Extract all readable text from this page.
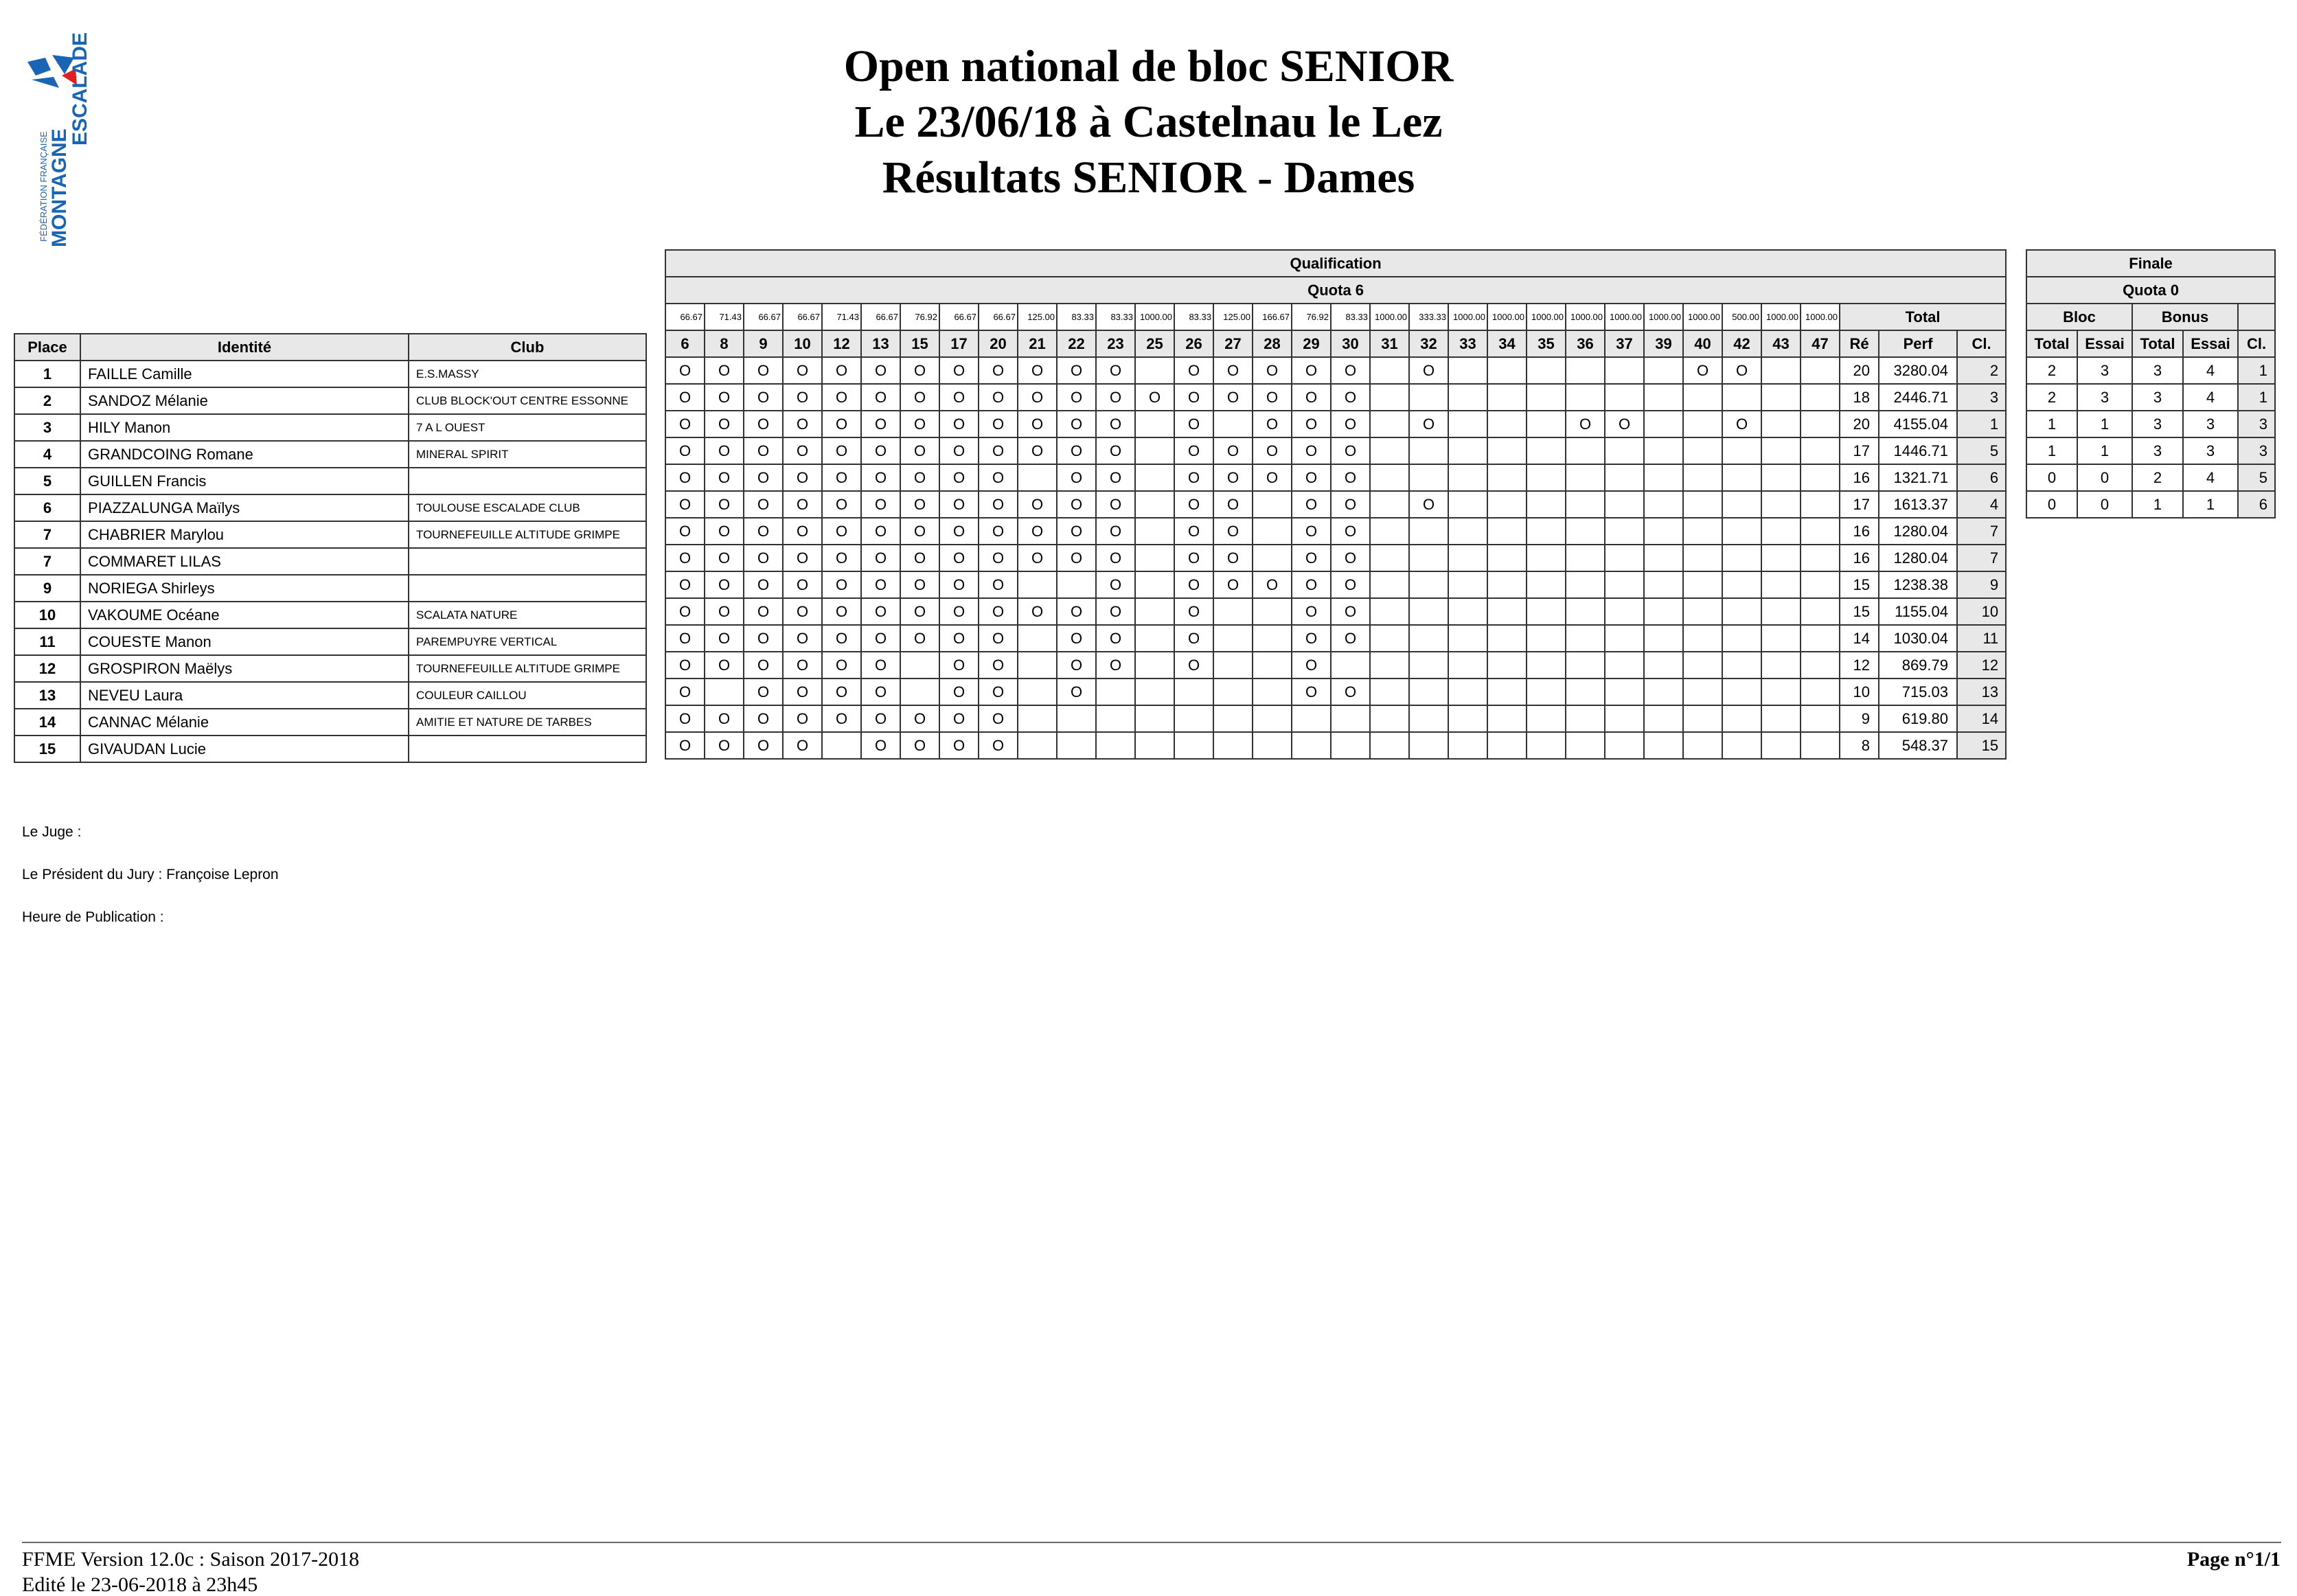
FÉDÉRATION FRANÇAISE MONTAGNE
ESCALADE	Open national de bloc SENIOR
Le 23/06/18 à Castelnau le Lez
Résultats SENIOR - Dames
Place	Identité	Club
1	FAILLE Camille	E.S.MASSY
2	SANDOZ Mélanie	CLUB BLOCK'OUT CENTRE ESSONNE
3	HILY Manon	7 A L OUEST
4	GRANDCOING Romane	MINERAL SPIRIT
5	GUILLEN Francis	
6	PIAZZALUNGA Maïlys	TOULOUSE ESCALADE CLUB
7	CHABRIER Marylou	TOURNEFEUILLE ALTITUDE GRIMPE
7	COMMARET LILAS	
9	NORIEGA Shirleys	
10	VAKOUME Océane	SCALATA NATURE
11	COUESTE Manon	PAREMPUYRE VERTICAL
12	GROSPIRON Maëlys	TOURNEFEUILLE ALTITUDE GRIMPE
13	NEVEU Laura	COULEUR CAILLOU
14	CANNAC Mélanie	AMITIE ET NATURE DE TARBES
15	GIVAUDAN Lucie	
Qualification																																
Quota 6																																
66.67	71.43	66.67	66.67	71.43	66.67	76.92	66.67	66.67	125.00	83.33	83.33	1000.00	83.33	125.00	166.67	76.92	83.33	1000.00	333.33	1000.00	1000.00	1000.00	1000.00	1000.00	1000.00	1000.00	500.00	1000.00	1000.00	Total		
6	8	9	10	12	13	15	17	20	21	22	23	25	26	27	28	29	30	31	32	33	34	35	36	37	39	40	42	43	47	Ré	Perf	Cl.
O	O	O	O	O	O	O	O	O	O	O	O		O	O	O	O	O		O							O	O			20	3280.04	2
O	O	O	O	O	O	O	O	O	O	O	O	O	O	O	O	O	O													18	2446.71	3
O	O	O	O	O	O	O	O	O	O	O	O		O		O	O	O		O				O	O			O			20	4155.04	1
O	O	O	O	O	O	O	O	O	O	O	O		O	O	O	O	O													17	1446.71	5
O	O	O	O	O	O	O	O	O		O	O		O	O	O	O	O													16	1321.71	6
O	O	O	O	O	O	O	O	O	O	O	O		O	O		O	O		O											17	1613.37	4
O	O	O	O	O	O	O	O	O	O	O	O		O	O		O	O													16	1280.04	7
O	O	O	O	O	O	O	O	O	O	O	O		O	O		O	O													16	1280.04	7
O	O	O	O	O	O	O	O	O			O		O	O	O	O	O													15	1238.38	9
O	O	O	O	O	O	O	O	O	O	O	O		O			O	O													15	1155.04	10
O	O	O	O	O	O	O	O	O		O	O		O			O	O													14	1030.04	11
O	O	O	O	O	O		O	O		O	O		O			O														12	869.79	12
O		O	O	O	O		O	O		O						O	O													10	715.03	13
O	O	O	O	O	O	O	O	O																						9	619.80	14
O	O	O	O		O	O	O	O																						8	548.37	15
Finale				
Quota 0				
Bloc		Bonus		
Total	Essai	Total	Essai	Cl.
2	3	3	4	1
2	3	3	4	1
1	1	3	3	3
1	1	3	3	3
0	0	2	4	5
0	0	1	1	6
Le Juge :
Le Président du Jury : Françoise Lepron
Heure de Publication :
FFME Version 12.0c : Saison 2017-2018
Edité le 23-06-2018 à 23h45
Page n°1/1
